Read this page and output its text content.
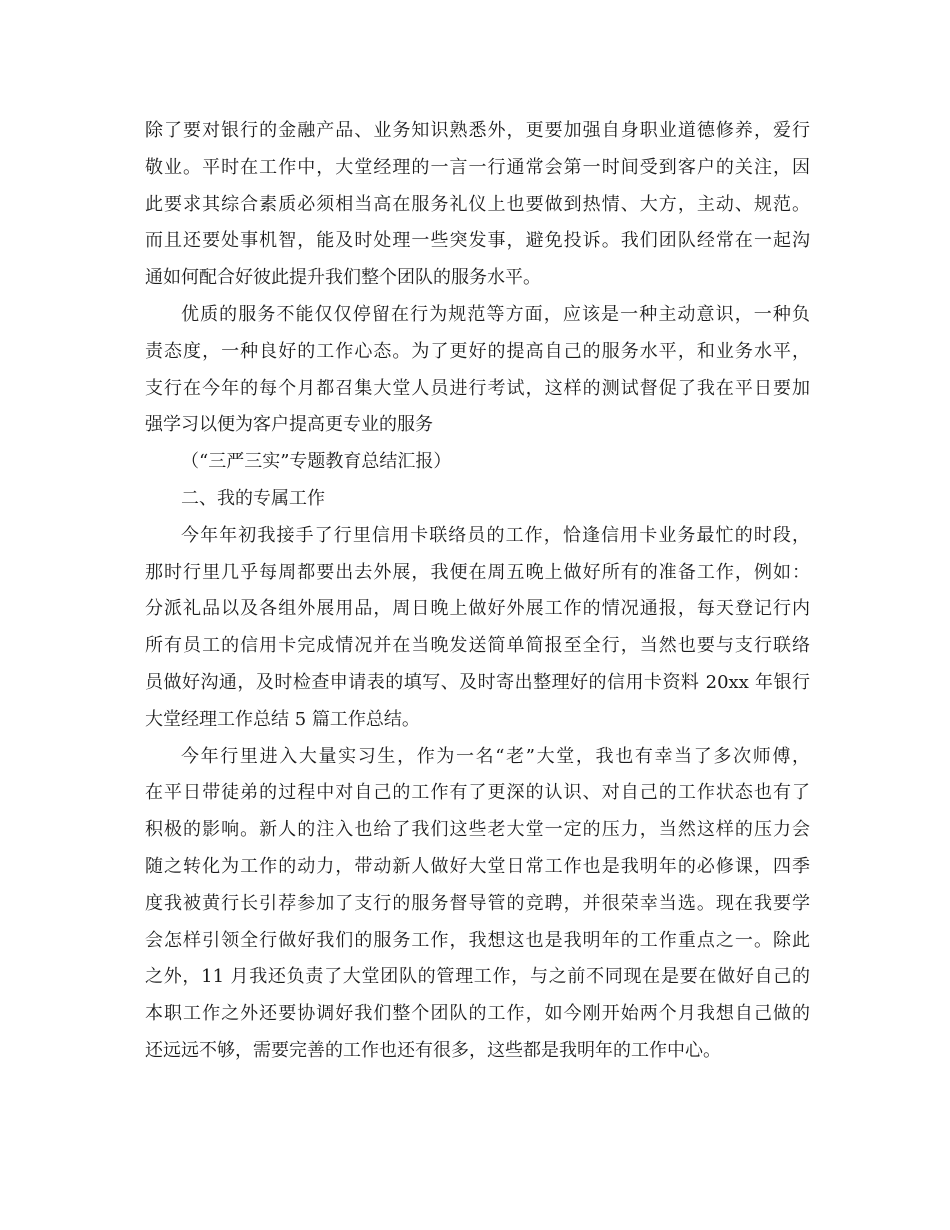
除了要对银行的金融产品、业务知识熟悉外，更要加强自身职业道德修养，爱行
敬业。平时在工作中，大堂经理的一言一行通常会第一时间受到客户的关注，因
此要求其综合素质必须相当高在服务礼仪上也要做到热情、大方，主动、规范。
而且还要处事机智，能及时处理一些突发事，避免投诉。我们团队经常在一起沟
通如何配合好彼此提升我们整个团队的服务水平。
优质的服务不能仅仅停留在行为规范等方面，应该是一种主动意识，一种负
责态度，一种良好的工作心态。为了更好的提高自己的服务水平，和业务水平，
支行在今年的每个月都召集大堂人员进行考试，这样的测试督促了我在平日要加
强学习以便为客户提高更专业的服务
（“三严三实”专题教育总结汇报）
二、我的专属工作
今年年初我接手了行里信用卡联络员的工作，恰逢信用卡业务最忙的时段，
那时行里几乎每周都要出去外展，我便在周五晚上做好所有的准备工作，例如：
分派礼品以及各组外展用品，周日晚上做好外展工作的情况通报，每天登记行内
所有员工的信用卡完成情况并在当晚发送简单简报至全行，当然也要与支行联络
员做好沟通，及时检查申请表的填写、及时寄出整理好的信用卡资料 20xx 年银行
大堂经理工作总结 5 篇工作总结。
今年行里进入大量实习生，作为一名“老”大堂，我也有幸当了多次师傅，
在平日带徒弟的过程中对自己的工作有了更深的认识、对自己的工作状态也有了
积极的影响。新人的注入也给了我们这些老大堂一定的压力，当然这样的压力会
随之转化为工作的动力，带动新人做好大堂日常工作也是我明年的必修课，四季
度我被黄行长引荐参加了支行的服务督导管的竞聘，并很荣幸当选。现在我要学
会怎样引领全行做好我们的服务工作，我想这也是我明年的工作重点之一。除此
之外，11 月我还负责了大堂团队的管理工作，与之前不同现在是要在做好自己的
本职工作之外还要协调好我们整个团队的工作，如今刚开始两个月我想自己做的
还远远不够，需要完善的工作也还有很多，这些都是我明年的工作中心。
